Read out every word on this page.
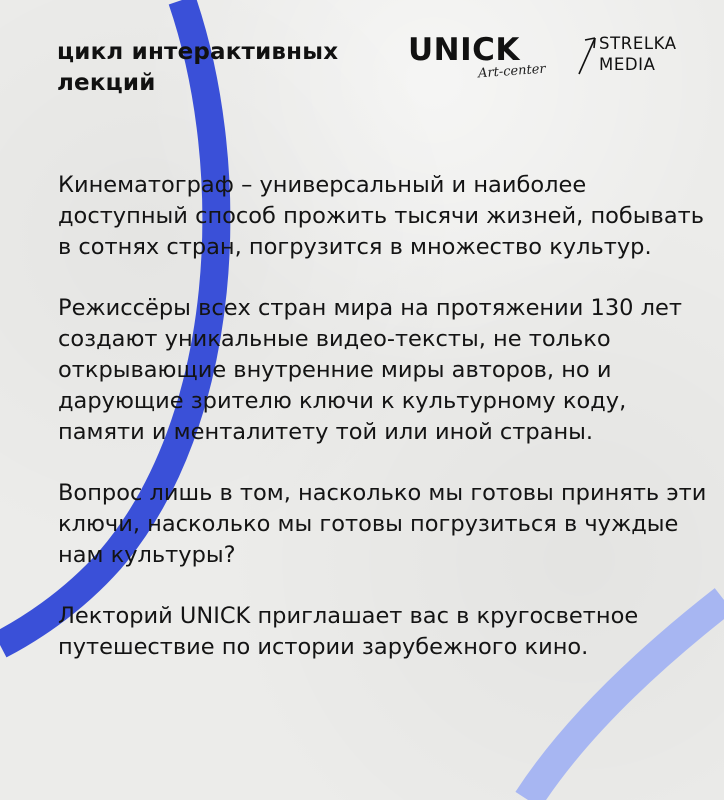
цикл интерактивных
лекций
UNICK
Art-center
STRELKA
MEDIA

Кинематограф – универсальный и наиболее доступный способ прожить тысячи жизней, побывать в сотнях стран, погрузится в множество культур.

Режиссёры всех стран мира на протяжении 130 лет создают уникальные видео-тексты, не только открывающие внутренние миры авторов, но и дарующие зрителю ключи к культурному коду, памяти и менталитету той или иной страны.

Вопрос лишь в том, насколько мы готовы принять эти ключи, насколько мы готовы погрузиться в чуждые нам культуры?

Лекторий UNICK приглашает вас в кругосветное путешествие по истории зарубежного кино.
